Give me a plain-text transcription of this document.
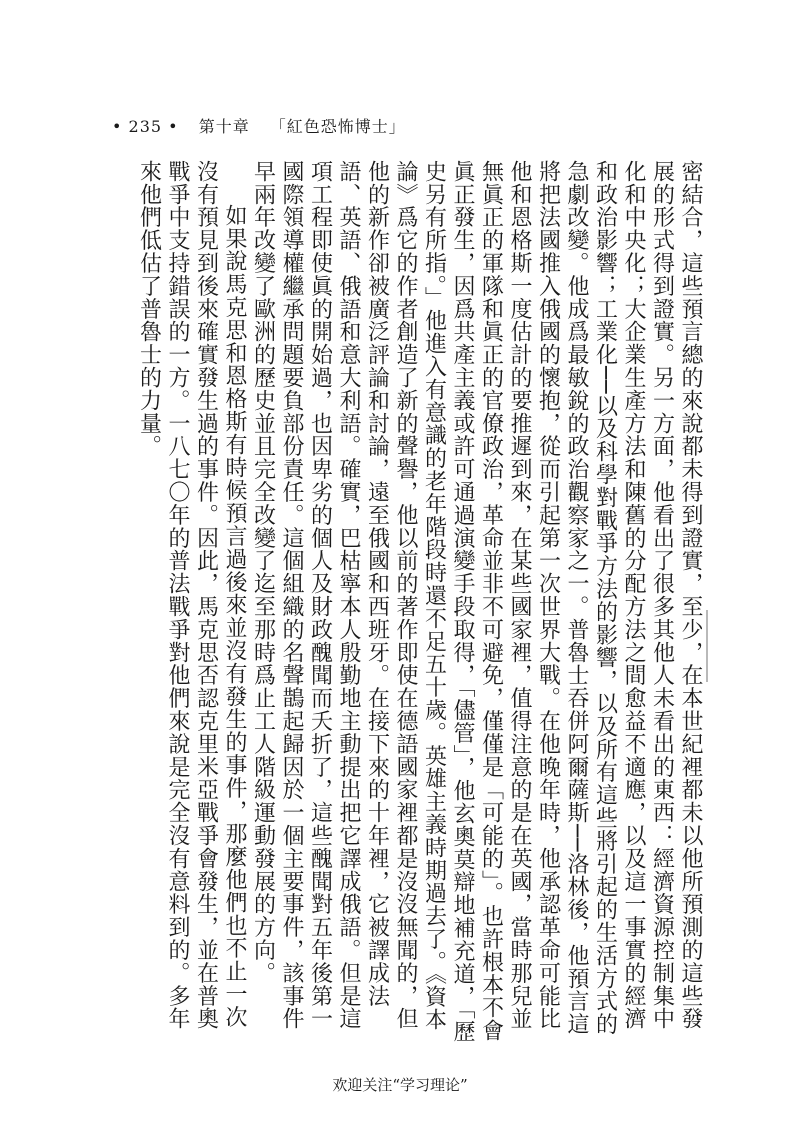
• 235 • 第十章 「紅色恐怖博士」

密結合，這些預言總的來說都未得到證實，至少，在本世紀裡都未以他所預測的這些發展的形式得到證實。另一方面，他看出了很多其他人未看出的東西：經濟資源控制集中化和中央化；大企業生產方法和陳舊的分配方法之間愈益不適應，以及這一事實的經濟和政治影響；工業化──以及科學對戰爭方法的影響，以及所有這些將引起的生活方式的急劇改變。他成爲最敏銳的政治觀察家之一。普魯士吞併阿爾薩斯──洛林後，他預言這將把法國推入俄國的懷抱，從而引起第一次世界大戰。在他晚年時，他承認革命可能比他和恩格斯一度估計的要推遲到來，在某些國家裡，值得注意的是在英國，當時那兒並無眞正的軍隊和眞正的官僚政治，革命並非不可避免，僅僅是「可能的」。也許根本不會眞正發生，因爲共產主義或許可通過演變手段取得，「儘管」，他玄奧莫辯地補充道，「歷史另有所指。」他進入有意識的老年階段時還不足五十歲。英雄主義時期過去了。《資本論》爲它的作者創造了新的聲譽，他以前的著作即使在德語國家裡都是沒沒無聞的，但他的新作卻被廣泛評論和討論，遠至俄國和西班牙。在接下來的十年裡，它被譯成法語、英語、俄語和意大利語。確實，巴枯寧本人殷勤地主動提出把它譯成俄語。但是這項工程即使眞的開始過，也因卑劣的個人及財政醜聞而夭折了，這些醜聞對五年後第一國際領導權繼承問題要負部份責任。這個組織的名聲鵲起歸因於一個主要事件，該事件早兩年改變了歐洲的歷史並且完全改變了迄至那時爲止工人階級運動發展的方向。

如果說馬克思和恩格斯有時候預言過後來並沒有發生的事件，那麼他們也不止一次沒有預見到後來確實發生過的事件。因此，馬克思否認克里米亞戰爭會發生，並在普奧戰爭中支持錯誤的一方。一八七〇年的普法戰爭對他們來說是完全沒有意料到的。多年來他們低估了普魯士的力量。

欢迎关注“学习理论”
